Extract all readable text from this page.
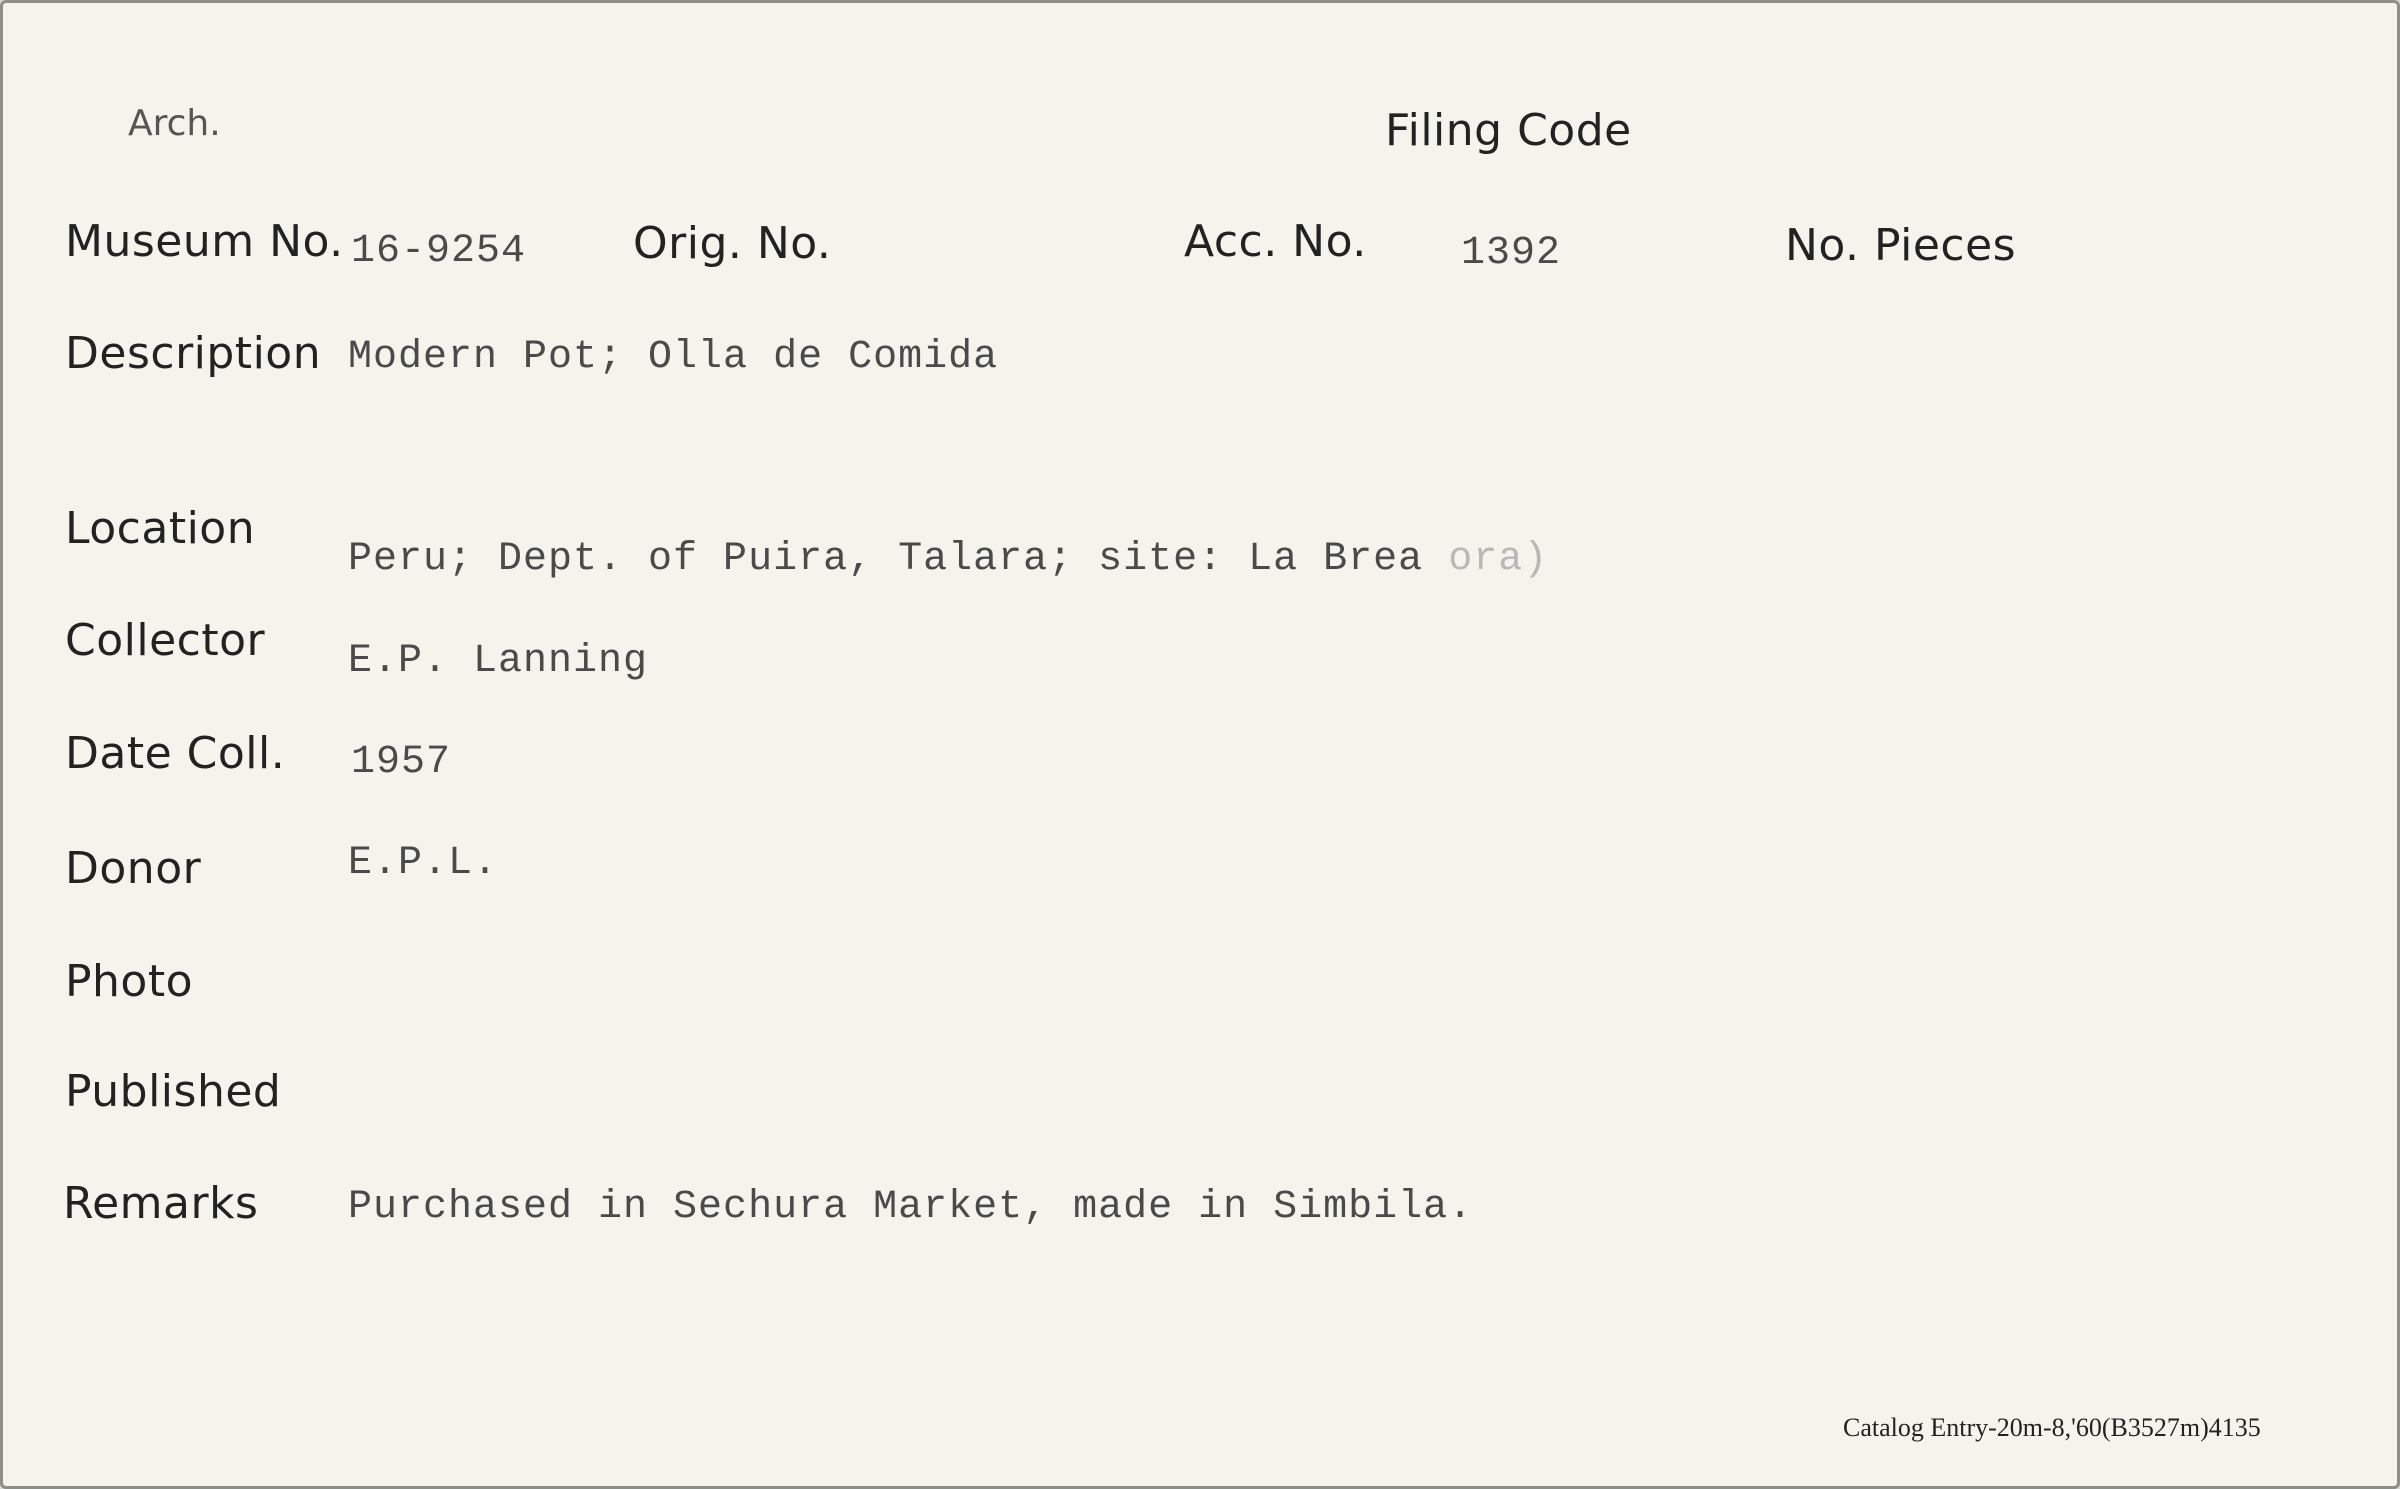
Arch.	Filing Code
Museum No. 16-9254 Orig. No.	Acc. No. 1392	No. Pieces
Description Modern Pot; Olla de Comida
Location
Peru; Dept. of Puira, Talara; site: La Brea ora)
Collector E.P. Lanning
Date Coll. 1957
Donor	E.P.L.
Photo
Published
Remarks Purchased in Sechura Market, made in Simbila.
Catalog Entry-20m-8,'60(B3527m)4135
